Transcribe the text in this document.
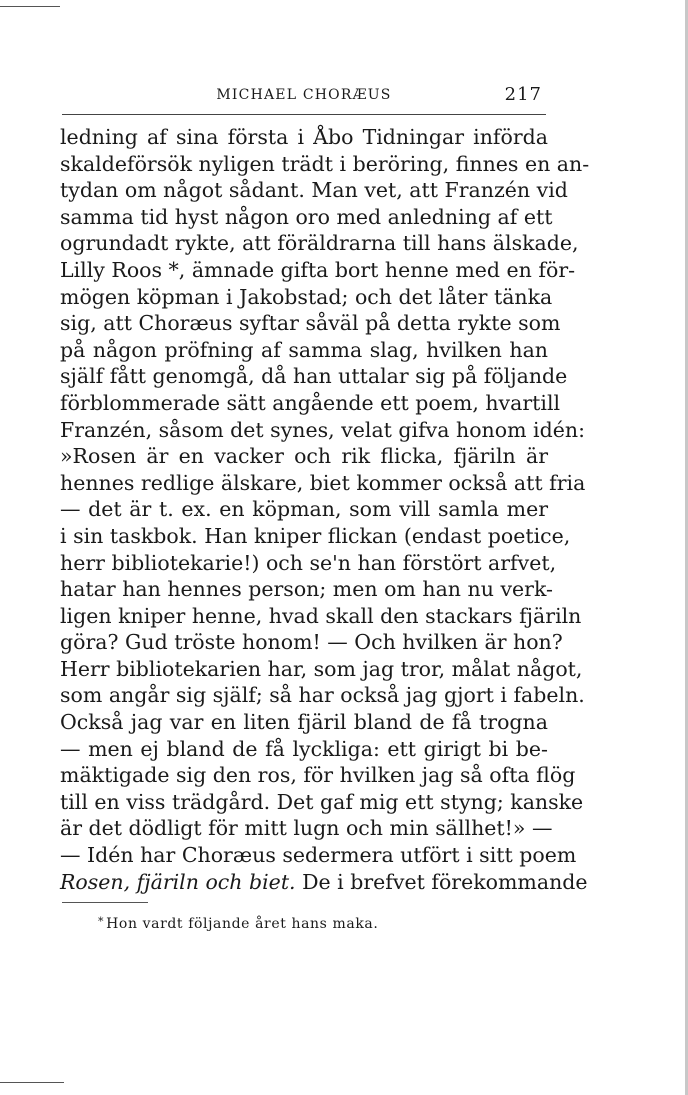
MICHAEL CHORÆUS	217
ledning af sina första i Åbo Tidningar införda
skaldeförsök nyligen trädt i beröring, finnes en an-
tydan om något sådant. Man vet, att Franzén vid
samma tid hyst någon oro med anledning af ett
ogrundadt rykte, att föräldrarna till hans älskade,
Lilly Roos *, ämnade gifta bort henne med en för-
mögen köpman i Jakobstad; och det låter tänka
sig, att Choræus syftar såväl på detta rykte som
på någon pröfning af samma slag, hvilken han
själf fått genomgå, då han uttalar sig på följande
förblommerade sätt angående ett poem, hvartill
Franzén, såsom det synes, velat gifva honom idén:
»Rosen är en vacker och rik flicka, fjäriln är
hennes redlige älskare, biet kommer också att fria
— det är t. ex. en köpman, som vill samla mer
i sin taskbok. Han kniper flickan (endast poetice,
herr bibliotekarie!) och se'n han förstört arfvet,
hatar han hennes person; men om han nu verk-
ligen kniper henne, hvad skall den stackars fjäriln
göra? Gud tröste honom! — Och hvilken är hon?
Herr bibliotekarien har, som jag tror, målat något,
som angår sig själf; så har också jag gjort i fabeln.
Också jag var en liten fjäril bland de få trogna
— men ej bland de få lyckliga: ett girigt bi be-
mäktigade sig den ros, för hvilken jag så ofta flög
till en viss trädgård. Det gaf mig ett styng; kanske
är det dödligt för mitt lugn och min sällhet!» —
— Idén har Choræus sedermera utfört i sitt poem
Rosen, fjäriln och biet. De i brefvet förekommande
* Hon vardt följande året hans maka.
